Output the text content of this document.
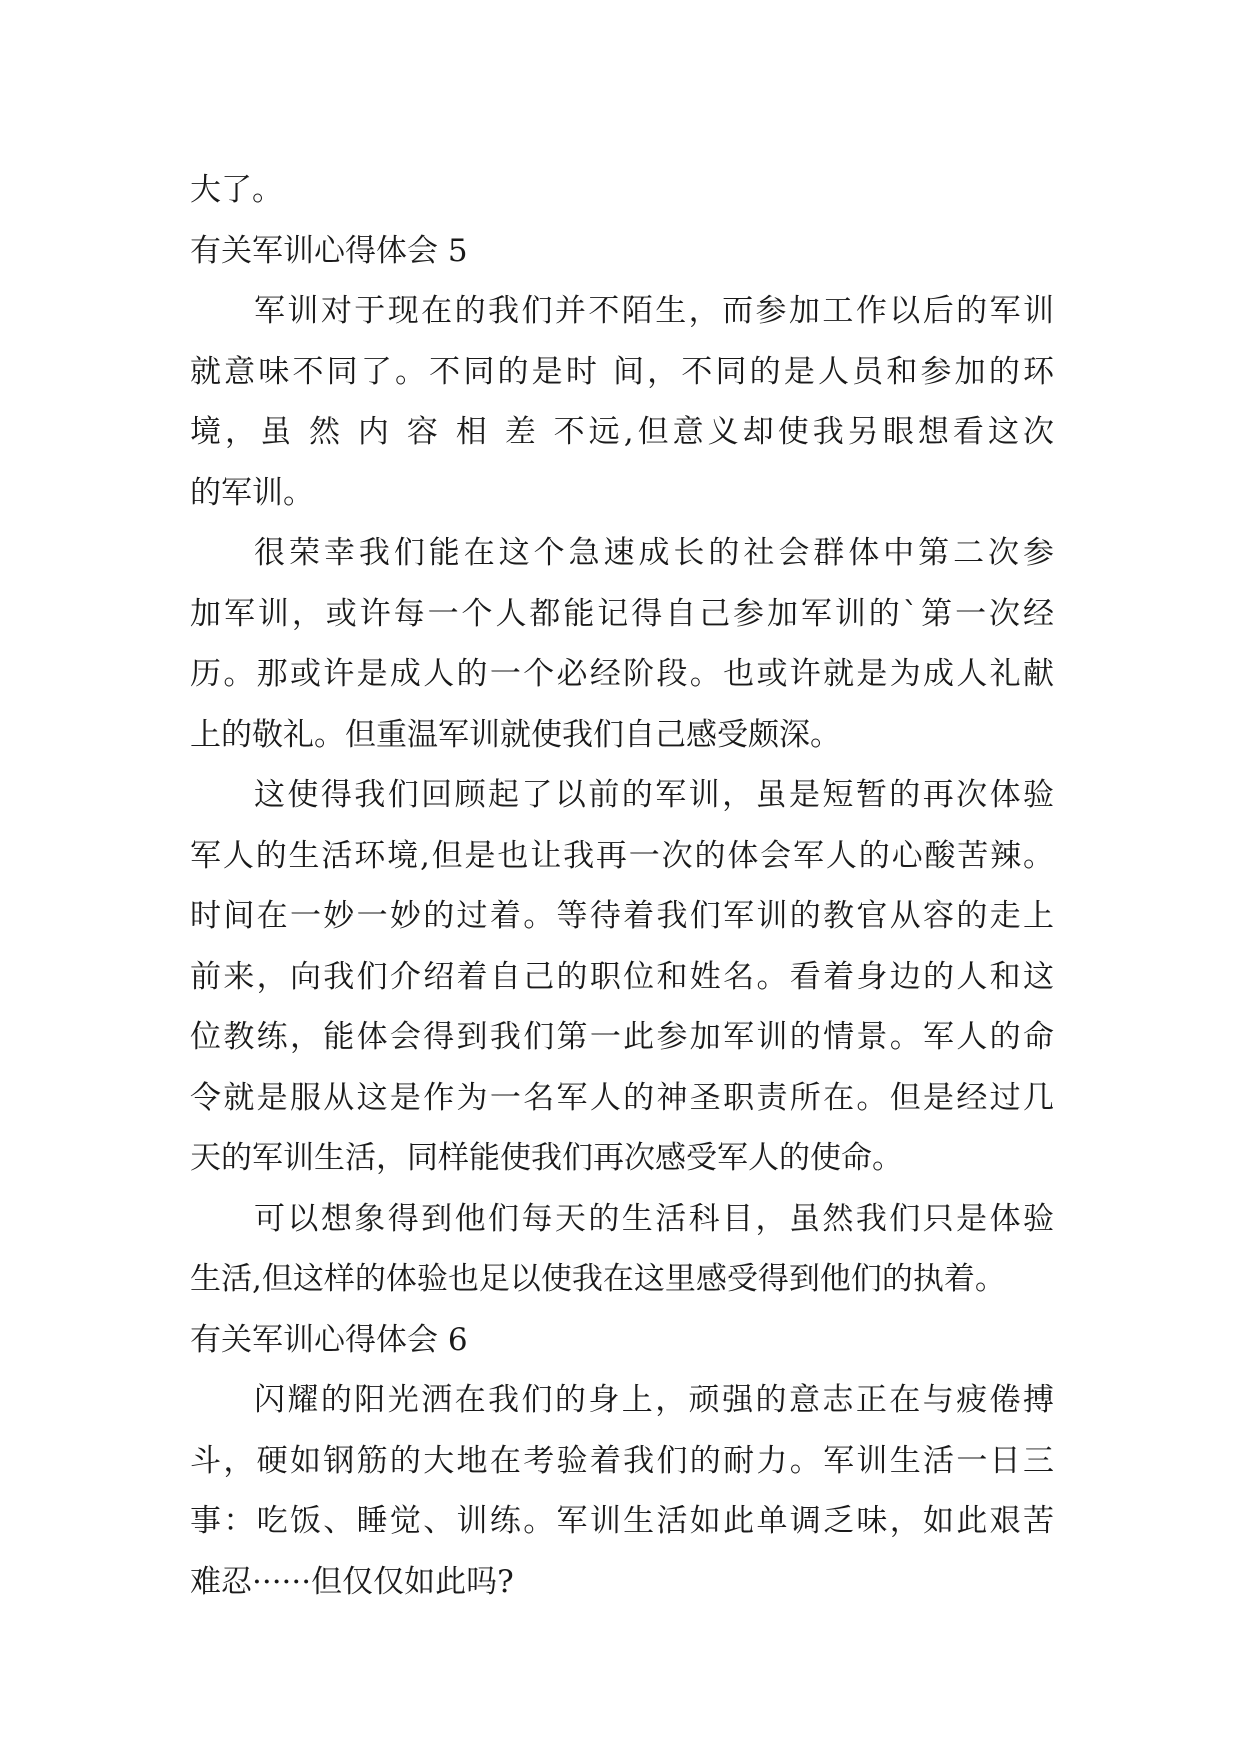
大了。
有关军训心得体会 5
军训对于现在的我们并不陌生，而参加工作以后的军训
就意味不同了。不同的是时 间，不同的是人员和参加的环
境，虽 然 内 容 相 差 不远,但意义却使我另眼想看这次
的军训。
很荣幸我们能在这个急速成长的社会群体中第二次参
加军训，或许每一个人都能记得自己参加军训的`第一次经
历。那或许是成人的一个必经阶段。也或许就是为成人礼献
上的敬礼。但重温军训就使我们自己感受颇深。
这使得我们回顾起了以前的军训，虽是短暂的再次体验
军人的生活环境,但是也让我再一次的体会军人的心酸苦辣。
时间在一妙一妙的过着。等待着我们军训的教官从容的走上
前来，向我们介绍着自己的职位和姓名。看着身边的人和这
位教练，能体会得到我们第一此参加军训的情景。军人的命
令就是服从这是作为一名军人的神圣职责所在。但是经过几
天的军训生活，同样能使我们再次感受军人的使命。
可以想象得到他们每天的生活科目，虽然我们只是体验
生活,但这样的体验也足以使我在这里感受得到他们的执着。
有关军训心得体会 6
闪耀的阳光洒在我们的身上，顽强的意志正在与疲倦搏
斗，硬如钢筋的大地在考验着我们的耐力。军训生活一日三
事：吃饭、睡觉、训练。军训生活如此单调乏味，如此艰苦
难忍······但仅仅如此吗?
